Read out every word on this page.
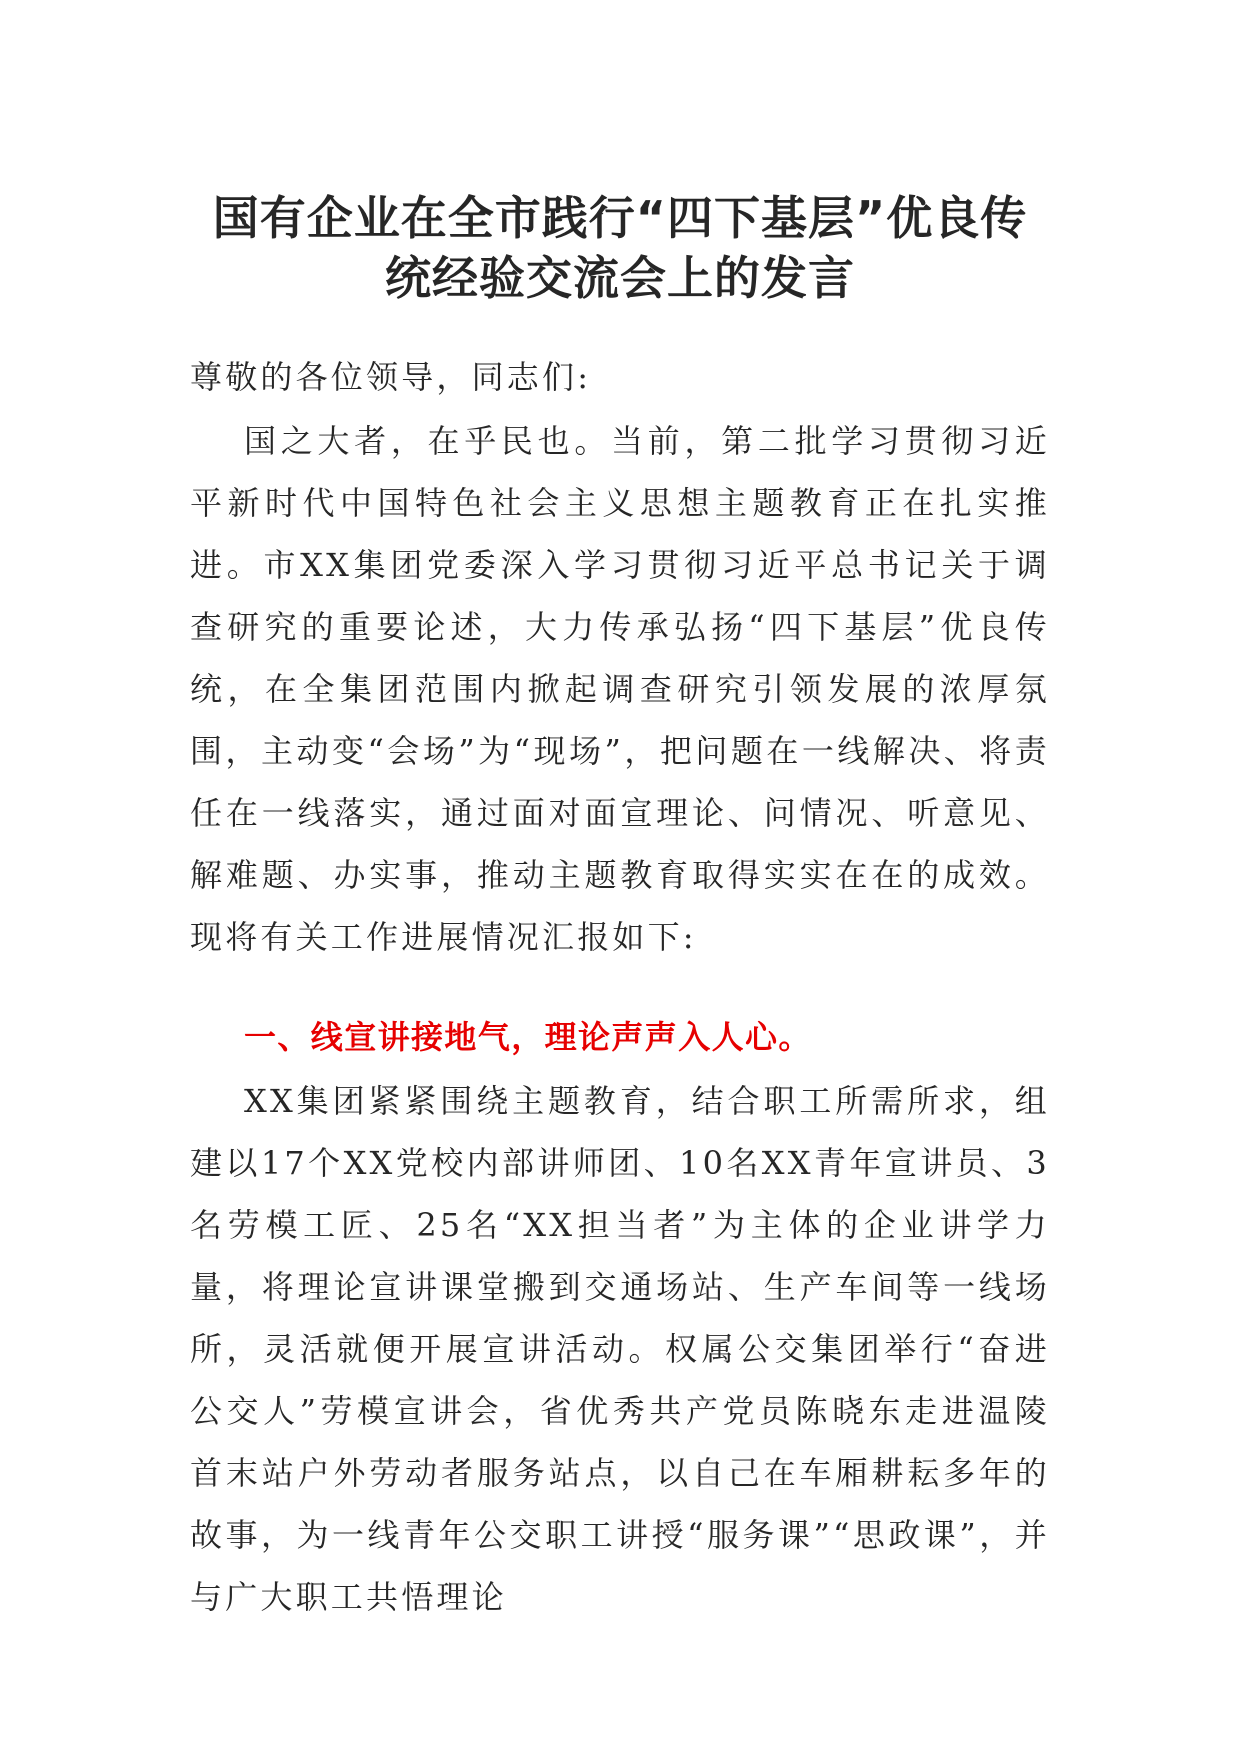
国有企业在全市践行“四下基层”优良传统经验交流会上的发言

尊敬的各位领导，同志们:

国之大者，在乎民也。当前，第二批学习贯彻习近平新时代中国特色社会主义思想主题教育正在扎实推进。市XX集团党委深入学习贯彻习近平总书记关于调查研究的重要论述，大力传承弘扬“四下基层”优良传统，在全集团范围内掀起调查研究引领发展的浓厚氛围，主动变“会场”为“现场”，把问题在一线解决、将责任在一线落实，通过面对面宣理论、问情况、听意见、解难题、办实事，推动主题教育取得实实在在的成效。现将有关工作进展情况汇报如下:

一、线宣讲接地气，理论声声入人心。

XX集团紧紧围绕主题教育，结合职工所需所求，组建以17个XX党校内部讲师团、10名XX青年宣讲员、3名劳模工匠、25名“XX担当者”为主体的企业讲学力量，将理论宣讲课堂搬到交通场站、生产车间等一线场所，灵活就便开展宣讲活动。权属公交集团举行“奋进公交人”劳模宣讲会，省优秀共产党员陈晓东走进温陵首末站户外劳动者服务站点，以自己在车厢耕耘多年的故事，为一线青年公交职工讲授“服务课”“思政课”，并与广大职工共悟理论
